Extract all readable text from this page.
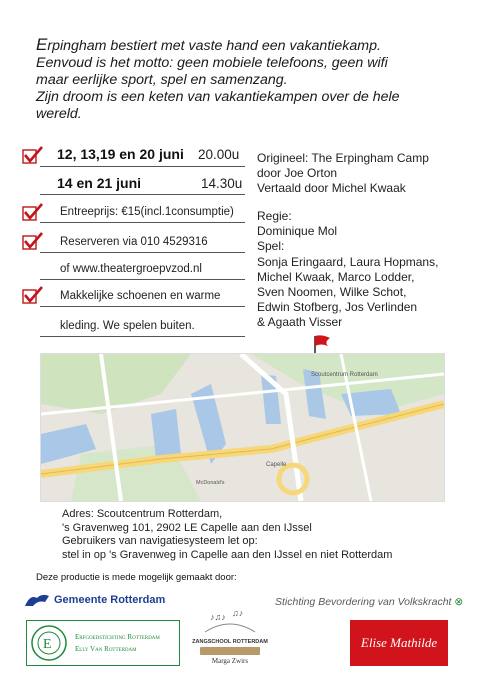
Erpingham bestiert met vaste hand een vakantiekamp.

Eenvoud is het motto: geen mobiele telefoons, geen wifi

maar eerlijke sport, spel en samenzang.

Zijn droom is een keten van vakantiekampen over de hele

wereld.

12, 13,19 en 20 juni 20.00u
14 en 21 juni	14.30u
Entreeprijs: €15(incl.1consumptie)
Reserveren via 010 4529316
of www.theatergroepvzod.nl
Makkelijke schoenen en warme
kleding. We spelen buiten.
Origineel: The Erpingham Camp
door Joe Orton
Vertaald door Michel Kwaak
Regie:
Dominique Mol
Spel:
Sonja Eringaard, Laura Hopmans,
Michel Kwaak, Marco Lodder,
Sven Noomen, Wilke Schot,
Edwin Stofberg, Jos Verlinden
& Agaath Visser
Scoutcentrum Rotterdam
Capelle
McDonald's
Adres: Scoutcentrum Rotterdam,
's Gravenweg 101, 2902 LE Capelle aan den IJssel
Gebruikers van navigatiesysteem let op:
stel in op 's Gravenweg in Capelle aan den IJssel en niet Rotterdam
Deze productie is mede mogelijk gemaakt door:
Gemeente Rotterdam	Stichting Bevordering van Volkskracht ⊗
E	Erfgoedstichting Rotterdam
Elly Van Rotterdam
♪♫♪ ♫♪
ZANGSCHOOL ROTTERDAM
Marga Zwirs
Elise Mathilde
